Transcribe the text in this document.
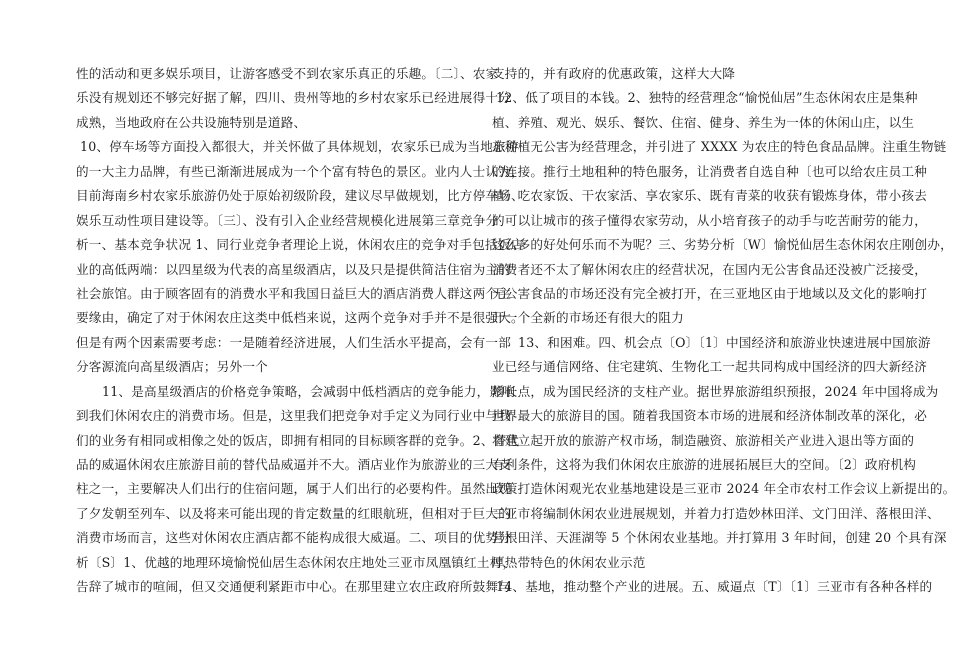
性的活动和更多娱乐项目，让游客感受不到农家乐真正的乐趣。〔二〕、农家
乐没有规划还不够完好据了解，四川、贵州等地的乡村农家乐已经进展得十分
成熟，当地政府在公共设施特别是道路、
10、停车场等方面投入都很大，并关怀做了具体规划，农家乐已成为当地旅游
的一大主力品牌，有些已渐渐进展成为一个个富有特色的景区。业内人士认为，
目前海南乡村农家乐旅游仍处于原始初级阶段，建议尽早做规划，比方停车场、
娱乐互动性项目建设等。〔三〕、没有引入企业经营规模化进展第三章竞争分
析一、基本竞争状况 1、同行业竞争者理论上说，休闲农庄的竞争对手包括饭店
业的高低两端：以四星级为代表的高星级酒店，以及只是提供简洁住宿为主的
社会旅馆。由于顾客固有的消费水平和我国日益巨大的酒店消费人群这两个主
要缘由，确定了对于休闲农庄这类中低档来说，这两个竞争对手并不是很强大。
但是有两个因素需要考虑：一是随着经济进展，人们生活水平提高，会有一部
分客源流向高星级酒店；另外一个
11、是高星级酒店的价格竞争策略，会减弱中低档酒店的竞争能力，影响
到我们休闲农庄的消费市场。但是，这里我们把竞争对手定义为同行业中与我
们的业务有相同或相像之处的饭店，即拥有相同的目标顾客群的竞争。2、替代
品的威逼休闲农庄旅游目前的替代品威逼并不大。酒店业作为旅游业的三大支
柱之一，主要解决人们出行的住宿问题，属于人们出行的必要构件。虽然出现
了夕发朝至列车、以及将来可能出现的肯定数量的红眼航班，但相对于巨大的
消费市场而言，这些对休闲农庄酒店都不能构成很大威逼。二、项目的优势分
析〔S〕1、优越的地理环境愉悦仙居生态休闲农庄地处三亚市凤凰镇红土村，
告辞了城市的喧闹，但又交通便利紧距市中心。在那里建立农庄政府所鼓舞与
支持的，并有政府的优惠政策，这样大大降
12、低了项目的本钱。2、独特的经营理念“愉悦仙居”生态休闲农庄是集种
植、养殖、观光、娱乐、餐饮、住宿、健身、养生为一体的休闲山庄，以生
态种植无公害为经营理念，并引进了 XXXX 为农庄的特色食品品牌。注重生物链
的连接。推行土地租种的特色服务，让消费者自选自种〔也可以给农庄员工种
植〕吃农家饭、干农家活、享农家乐、既有青菜的收获有锻炼身体，带小孩去
的可以让城市的孩子懂得农家劳动，从小培育孩子的动手与吃苦耐劳的能力，
这么多的好处何乐而不为呢？三、劣势分析〔W〕愉悦仙居生态休闲农庄刚创办，
消费者还不太了解休闲农庄的经营状况，在国内无公害食品还没被广泛接受，
无公害食品的市场还没有完全被打开，在三亚地区由于地域以及文化的影响打
开一个全新的市场还有很大的阻力
13、和困难。四、机会点〔O〕〔1〕中国经济和旅游业快速进展中国旅游
业已经与通信网络、住宅建筑、生物化工一起共同构成中国经济的四大新经济
增长点，成为国民经济的支柱产业。据世界旅游组织预报，2024 年中国将成为
世界最大的旅游目的国。随着我国资本市场的进展和经济体制改革的深化，必
将建立起开放的旅游产权市场，制造融资、旅游相关产业进入退出等方面的
有利条件，这将为我们休闲农庄旅游的进展拓展巨大的空间。〔2〕政府机构
政策打造休闲观光农业基地建设是三亚市 2024 年全市农村工作会议上新提出的。
三亚市将编制休闲农业进展规划，并着力打造妙林田洋、文门田洋、落根田洋、
营根田洋、天涯湖等 5 个休闲农业基地。并打算用 3 年时间，创建 20 个具有深
厚热带特色的休闲农业示范
14、基地，推动整个产业的进展。五、威逼点〔T〕〔1〕三亚市有各种各样的
